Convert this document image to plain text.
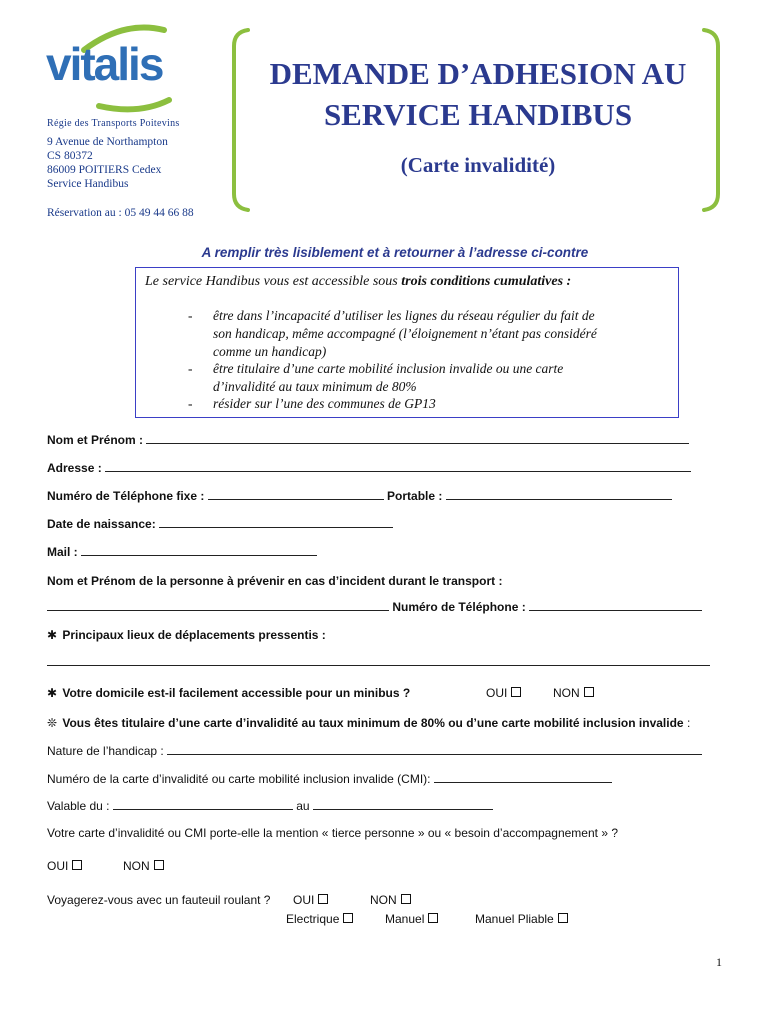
vitalis
Régie des Transports Poitevins
9 Avenue de Northampton
CS 80372
86009 POITIERS Cedex
Service Handibus
Réservation au : 05 49 44 66 88
DEMANDE D’ADHESION AU
SERVICE HANDIBUS
(Carte invalidité)
A remplir très lisiblement et à retourner à l’adresse ci-contre
Le service Handibus vous est accessible sous trois conditions cumulatives :
- être dans l’incapacité d’utiliser les lignes du réseau régulier du fait de
son handicap, même accompagné (l’éloignement n’étant pas considéré
comme un handicap)
- être titulaire d’une carte mobilité inclusion invalide ou une carte
d’invalidité au taux minimum de 80%
- résider sur l’une des communes de GP13
Nom et Prénom :
Adresse :
Numéro de Téléphone fixe :	Portable :
Date de naissance:
Mail :
Nom et Prénom de la personne à prévenir en cas d’incident durant le transport :
Numéro de Téléphone :
✱ Principaux lieux de déplacements pressentis :
✱ Votre domicile est-il facilement accessible pour un minibus ?	OUI	NON
❊ Vous êtes titulaire d’une carte d’invalidité au taux minimum de 80% ou d’une carte mobilité inclusion invalide :
Nature de l’handicap :
Numéro de la carte d’invalidité ou carte mobilité inclusion invalide (CMI):
Valable du :	au
Votre carte d’invalidité ou CMI porte-elle la mention « tierce personne » ou « besoin d’accompagnement » ?
OUI	NON
Voyagerez-vous avec un fauteuil roulant ? OUI	NON
Electrique	Manuel	Manuel Pliable
1
